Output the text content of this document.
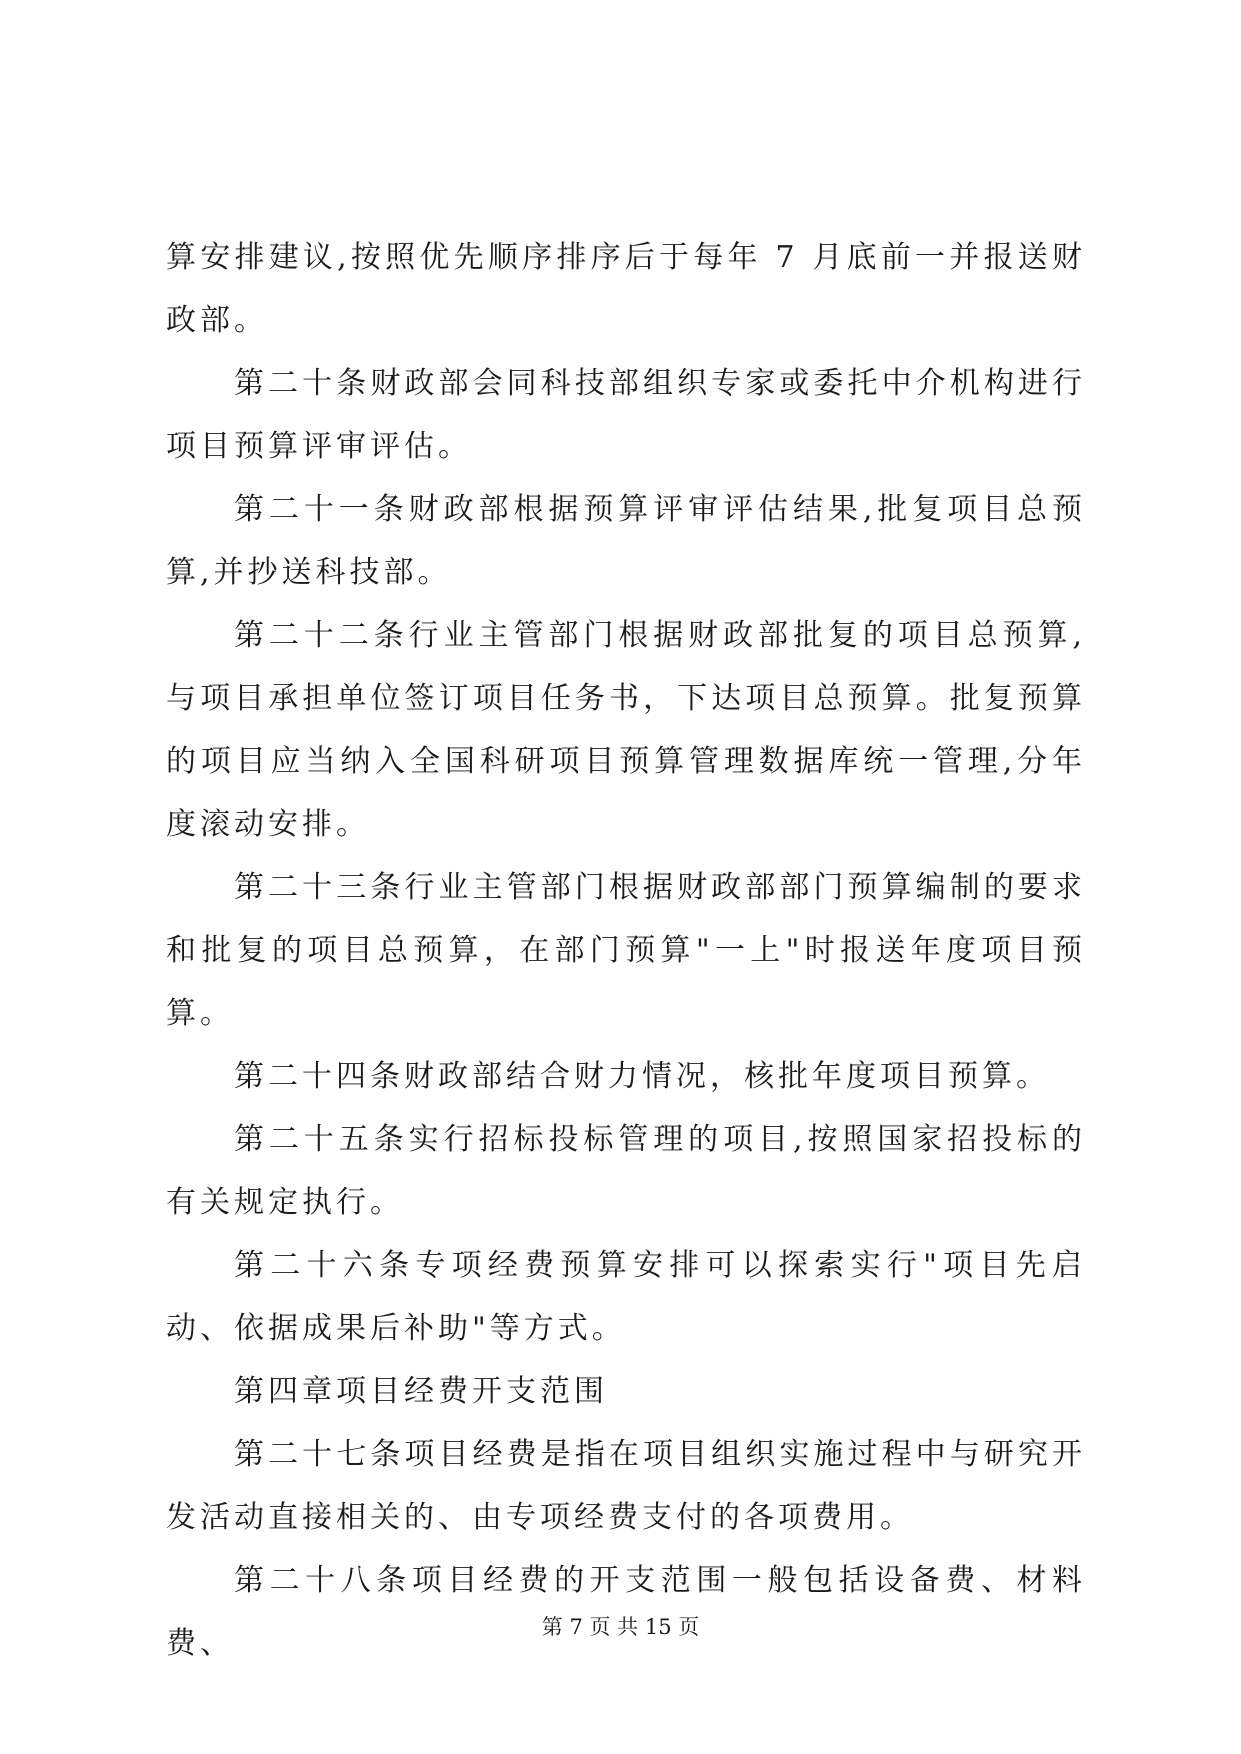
算安排建议,按照优先顺序排序后于每年 7 月底前一并报送财政部。

第二十条财政部会同科技部组织专家或委托中介机构进行项目预算评审评估。

第二十一条财政部根据预算评审评估结果,批复项目总预算,并抄送科技部。

第二十二条行业主管部门根据财政部批复的项目总预算,与项目承担单位签订项目任务书，下达项目总预算。批复预算的项目应当纳入全国科研项目预算管理数据库统一管理,分年度滚动安排。

第二十三条行业主管部门根据财政部部门预算编制的要求和批复的项目总预算，在部门预算"一上"时报送年度项目预算。

第二十四条财政部结合财力情况，核批年度项目预算。

第二十五条实行招标投标管理的项目,按照国家招投标的有关规定执行。

第二十六条专项经费预算安排可以探索实行"项目先启动、依据成果后补助"等方式。

第四章项目经费开支范围

第二十七条项目经费是指在项目组织实施过程中与研究开发活动直接相关的、由专项经费支付的各项费用。

第二十八条项目经费的开支范围一般包括设备费、材料费、	第 7 页 共 15 页
